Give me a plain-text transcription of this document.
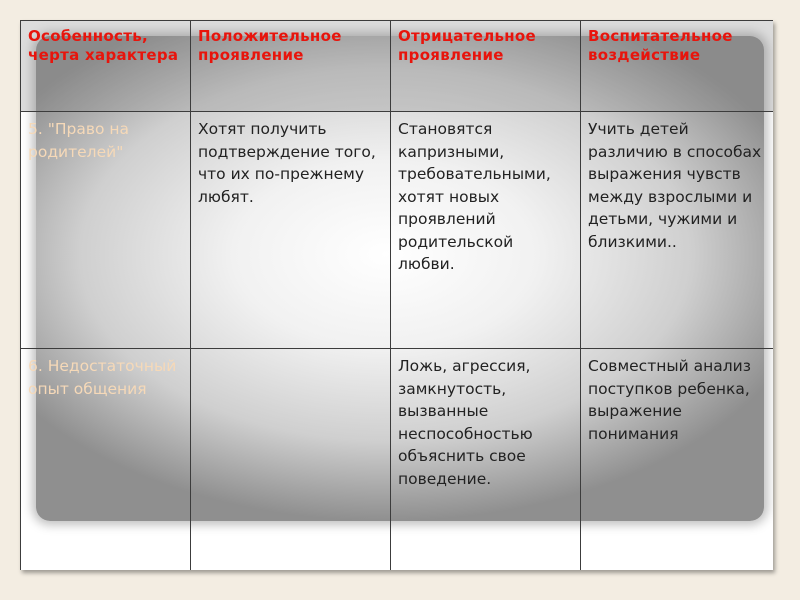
Особенность, черта характера	Положительное проявление	Отрицательное проявление	Воспитательное воздействие

5. "Право на родителей"	Хотят получить подтверждение того, что их по-прежнему любят.	Становятся капризными, требовательными, хотят новых проявлений родительской любви.	Учить детей различию в способах выражения чувств между взрослыми и детьми, чужими и близкими..
6. Недостаточный опыт общения		Ложь, агрессия, замкнутость, вызванные неспособностью объяснить свое поведение.	Совместный анализ поступков ребенка, выражение понимания
